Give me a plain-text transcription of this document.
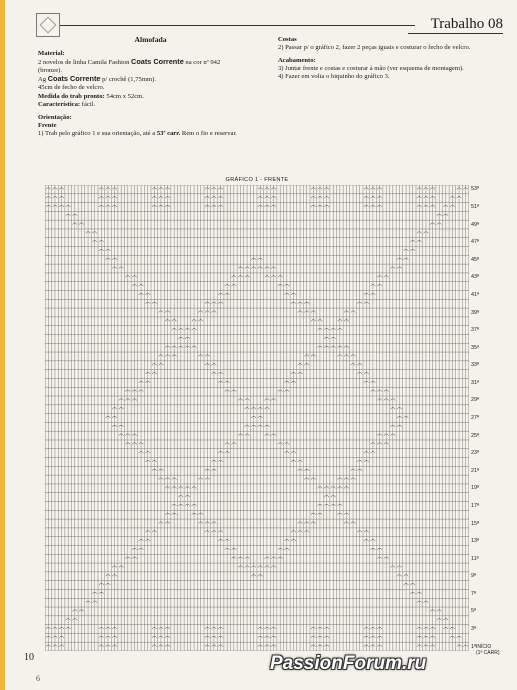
Trabalho 08
Almofada
Material:
2 novelos de linha Camila Fashion Coats Corrente na cor nº 942
(bronze).
Ag Coats Corrente p/ crochê (1,75mm).
45cm de fecho de velcro.
Medida do trab pronto: 54cm x 52cm.
Característica: fácil.
Orientação:
Frente
1) Trab pelo gráfico 1 e sua orientação, até a 53ª carr. Rem o fio e reservar.
Costas
2) Passar p/ o gráfico 2, fazer 2 peças iguais e costurar o fecho de velcro.
Acabamento:
3) Juntar frente e costas e costurar à mão (ver esquema de montagem).
4) Fazer em volta o biquinho do gráfico 3.
GRÁFICO 1 - FRENTE
53ª
51ª
49ª
47ª
45ª
43ª
41ª
39ª
37ª
35ª
33ª
31ª
29ª
27ª
25ª
23ª
21ª
19ª
17ª
15ª
13ª
11ª
9ª
7ª
5ª
3ª
1ª INÍCIO
(1ª CARR)
10
6
PassionForum.ru
